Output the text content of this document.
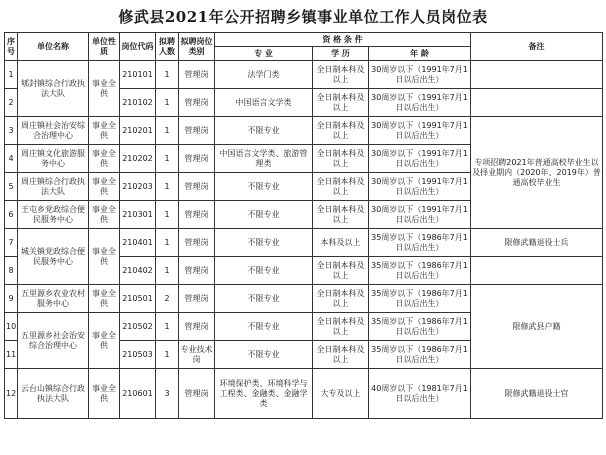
修武县2021年公开招聘乡镇事业单位工作人员岗位表
序号	单位名称	单位性质	岗位代码	拟聘人数	拟聘岗位类别	资 格 条 件			备注
						专 业	学 历	年 龄	
1	郇封镇综合行政执法大队	事业全供	210101	1	管理岗	法学门类	全日制本科及以上	30周岁以下（1991年7月1日以后出生）	
2			210102	1	管理岗	中国语言文学类	全日制本科及以上	30周岁以下（1991年7月1日以后出生）	
3	周庄镇社会治安综合治理中心	事业全供	210201	1	管理岗	不限专业	全日制本科及以上	30周岁以下（1991年7月1日以后出生）	专项招聘2021年普通高校毕业生以及择业期内（2020年、2019年）普通高校毕业生
4	周庄镇文化旅游服务中心	事业全供	210202	1	管理岗	中国语言文学类、旅游管理类	全日制本科及以上	30周岁以下（1991年7月1日以后出生）	
5	周庄镇综合行政执法大队	事业全供	210203	1	管理岗	不限专业	全日制本科及以上	30周岁以下（1991年7月1日以后出生）	
6	王屯乡党政综合便民服务中心	事业全供	210301	1	管理岗	不限专业	全日制本科及以上	30周岁以下（1991年7月1日以后出生）	
7	城关镇党政综合便民服务中心	事业全供	210401	1	管理岗	不限专业	本科及以上	35周岁以下（1986年7月1日以后出生）	限修武籍退役士兵
8			210402	1	管理岗	不限专业	全日制本科及以上	35周岁以下（1986年7月1日以后出生）	
9	五里源乡农业农村服务中心	事业全供	210501	2	管理岗	不限专业	全日制本科及以上	35周岁以下（1986年7月1日以后出生）	限修武县户籍
10	五里源乡社会治安综合治理中心	事业全供	210502	1	管理岗	不限专业	全日制本科及以上	35周岁以下（1986年7月1日以后出生）	
11			210503	1	专业技术岗	不限专业	全日制本科及以上	35周岁以下（1986年7月1日以后出生）	
12	云台山镇综合行政执法大队	事业全供	210601	3	管理岗	环境保护类、环境科学与工程类、金融类、金融学类	大专及以上	40周岁以下（1981年7月1日以后出生）	限修武籍退役士官
